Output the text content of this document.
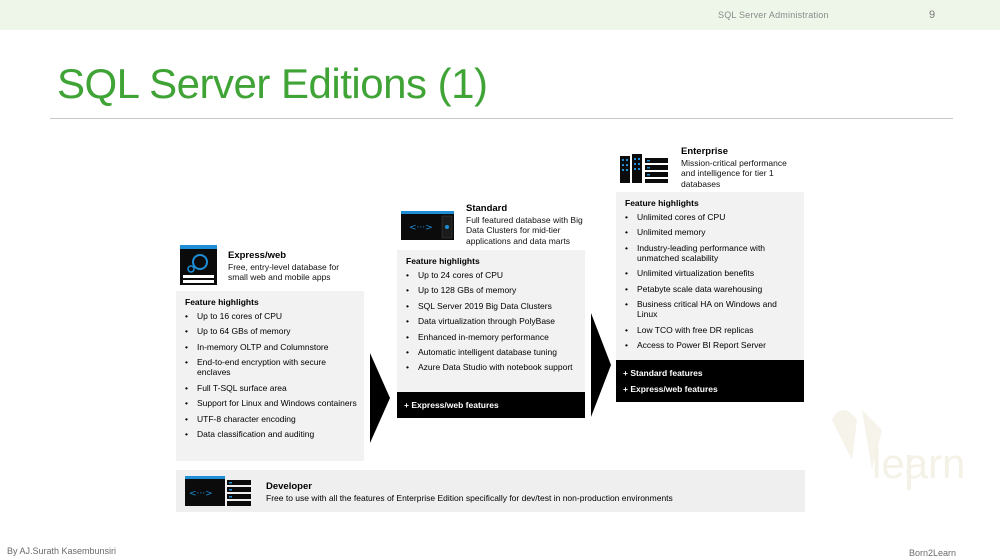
SQL Server Administration	9
SQL Server Editions (1)
learn
Express/web
Free, entry-level database for small web and mobile apps
Feature highlights
• Up to 16 cores of CPU
• Up to 64 GBs of memory
• In-memory OLTP and Columnstore
• End-to-end encryption with secure enclaves
• Full T-SQL surface area
• Support for Linux and Windows containers
• UTF-8 character encoding
• Data classification and auditing
<···>
Standard
Full featured database with Big Data Clusters for mid-tier applications and data marts
Feature highlights
• Up to 24 cores of CPU
• Up to 128 GBs of memory
• SQL Server 2019 Big Data Clusters
• Data virtualization through PolyBase
• Enhanced in-memory performance
• Automatic intelligent database tuning
• Azure Data Studio with notebook support
+ Express/web features
Enterprise
Mission-critical performance and intelligence for tier 1 databases
Feature highlights
• Unlimited cores of CPU
• Unlimited memory
• Industry-leading performance with unmatched scalability
• Unlimited virtualization benefits
• Petabyte scale data warehousing
• Business critical HA on Windows and Linux
• Low TCO with free DR replicas
• Access to Power BI Report Server
+ Standard features
+ Express/web features
<···>
Developer
Free to use with all the features of Enterprise Edition specifically for dev/test in non-production environments
By AJ.Surath Kasembunsiri	Born2Learn
